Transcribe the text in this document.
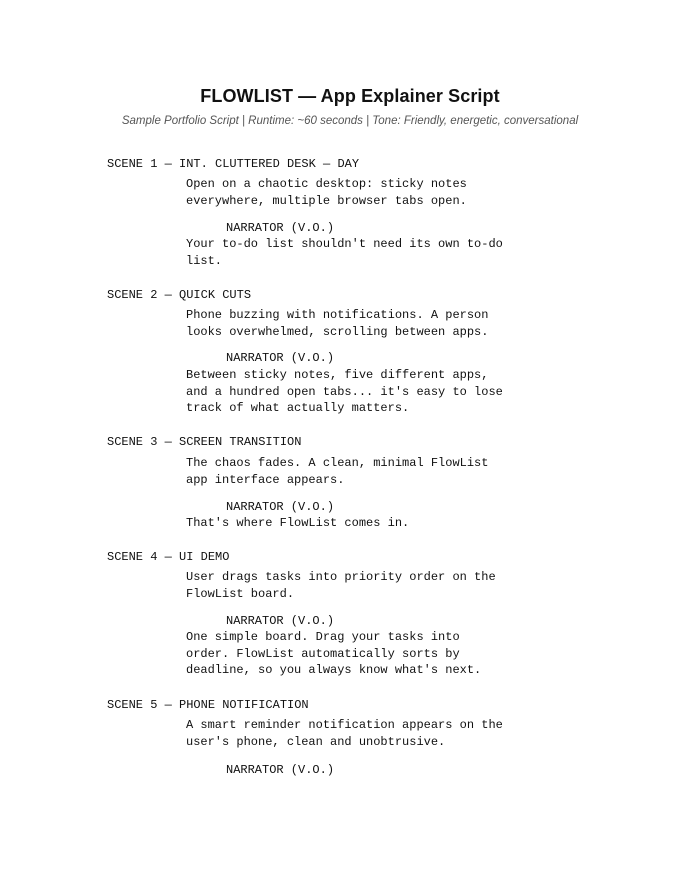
FLOWLIST — App Explainer Script
Sample Portfolio Script | Runtime: ~60 seconds | Tone: Friendly, energetic, conversational
SCENE 1 — INT. CLUTTERED DESK — DAY
Open on a chaotic desktop: sticky notes
everywhere, multiple browser tabs open.
NARRATOR (V.O.)
Your to-do list shouldn't need its own to-do
list.
SCENE 2 — QUICK CUTS
Phone buzzing with notifications. A person
looks overwhelmed, scrolling between apps.
NARRATOR (V.O.)
Between sticky notes, five different apps,
and a hundred open tabs... it's easy to lose
track of what actually matters.
SCENE 3 — SCREEN TRANSITION
The chaos fades. A clean, minimal FlowList
app interface appears.
NARRATOR (V.O.)
That's where FlowList comes in.
SCENE 4 — UI DEMO
User drags tasks into priority order on the
FlowList board.
NARRATOR (V.O.)
One simple board. Drag your tasks into
order. FlowList automatically sorts by
deadline, so you always know what's next.
SCENE 5 — PHONE NOTIFICATION
A smart reminder notification appears on the
user's phone, clean and unobtrusive.
NARRATOR (V.O.)
